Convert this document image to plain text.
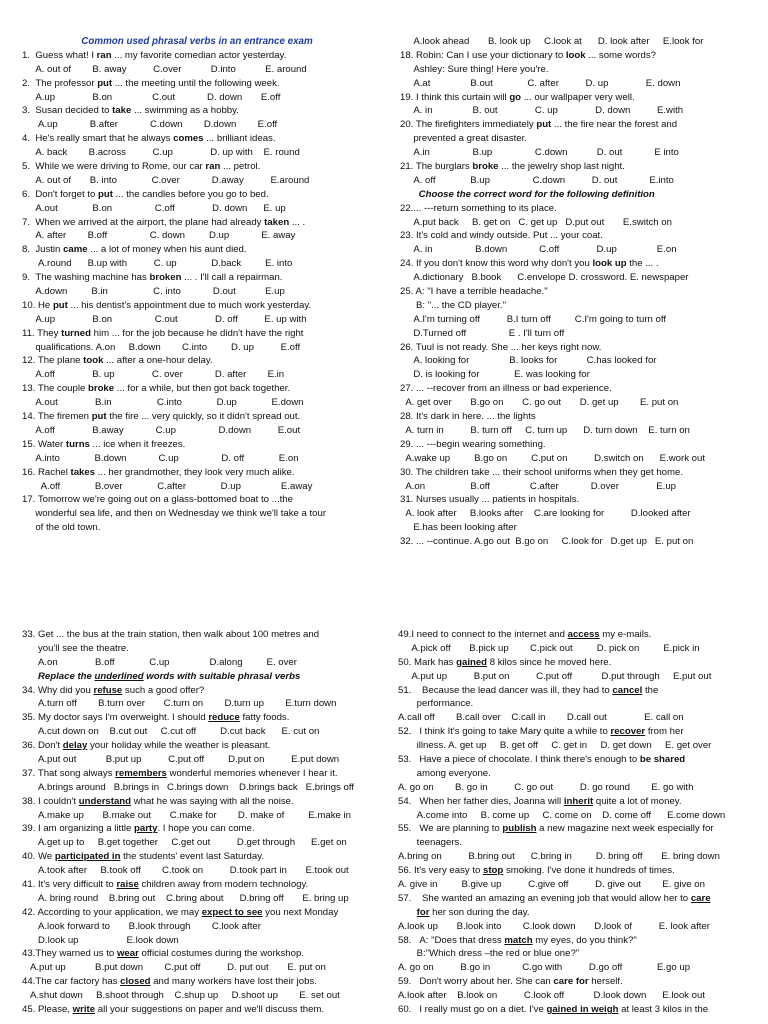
Common used phrasal verbs in an entrance exam
1.  Guess what! I ran ... my favorite comedian actor yesterday.
A. out of        B. away          C.over           D.into           E. around
2.  The professor put ... the meeting until the following week.
A.up              B.on               C.out            D. down       E.off
3.  Susan decided to take ... swimming as a hobby.
A.up            B.after            C.down        D.down        E.off
4.  He's really smart that he always comes ... brilliant ideas.
A. back        B.across          C.up              D. up with    E. round
5.  While we were driving to Rome, our car ran ... petrol.
A. out of       B. into             C.over            D.away          E.around
6.  Don't forget to put ... the candles before you go to bed.
A.out             B.on                C.off              D. down      E. up
7.  When we arrived at the airport, the plane had already taken ... .
A. after        B.off                C. down         D.up            E. away
8.  Justin came ... a lot of money when his aunt died.
A.round      B.up with          C. up             D.back         E. into
9.  The washing machine has broken ... . I'll call a repairman.
A.down         B.in                 C. into            D.out           E.up
10. He put ... his dentist's appointment due to much work yesterday.
A.up              B.on                C.out              D. off          E. up with
11. They turned him ... for the job because he didn't have the right
qualifications. A.on     B.down        C.into         D. up          E.off
12. The plane took ... after a one-hour delay.
A.off              B. up              C. over            D. after        E.in
13. The couple broke ... for a while, but then got back together.
A.out              B.in                 C.into             D.up             E.down
14. The firemen put the fire ... very quickly, so it didn't spread out.
A.off              B.away            C.up                D.down          E.out
15. Water turns ... ice when it freezes.
A.into             B.down            C.up                D. off             E.on
16. Rachel takes ... her grandmother, they look very much alike.
A.off             B.over             C.after             D.up               E.away
17. Tomorrow we're going out on a glass-bottomed boat to ...the
wonderful sea life, and then on Wednesday we think we'll take a tour
of the old town.
A.look ahead       B. look up     C.look at      D. look after     E.look for
18. Robin: Can I use your dictionary to look ... some words?
Ashley: Sure thing! Here you're.
A.at               B.out             C. after          D. up              E. down
19. I think this curtain will go ... our wallpaper very well.
A. in               B. out              C. up              D. down          E.with
20. The firefighters immediately put ... the fire near the forest and
prevented a great disaster.
A.in                B.up                C.down           D. out            E into
21. The burglars broke ... the jewelry shop last night.
A. off             B.up                C.down          D. out            E.into
Choose the correct word for the following definition
22.... ---return something to its place.
A.put back     B. get on   C. get up   D.put out       E.switch on
23. It's cold and windy outside. Put ... your coat.
A. in                B.down            C.off              D.up               E.on
24. If you don't know this word why don't you look up the ... .
A.dictionary   B.book      C.envelope D. crossword. E. newspaper
25. A: "I have a terrible headache."
B: "... the CD player."
A.I'm turning off          B.I turn off         C.I'm going to turn off
D.Turned off                E . I'll turn off
26. Tuul is not ready. She ... her keys right now.
A. looking for               B. looks for           C.has looked for
D. is looking for             E. was looking for
27. ... --recover from an illness or bad experience.
A. get over       B.go on       C. go out       D. get up        E. put on
28. It's dark in here. ... the lights
A. turn in          B. turn off     C. turn up      D. turn down    E. turn on
29. ... ---begin wearing something.
A.wake up         B.go on         C.put on          D.switch on      E.work out
30. The children take ... their school uniforms when they get home.
A.on                 B.off               C.after            D.over              E.up
31. Nurses usually ... patients in hospitals.
A. look after     B.looks after    C.are looking for          D.looked after
E.has been looking after
32. ... --continue. A.go out  B.go on     C.look for   D.get up   E. put on
33. Get ... the bus at the train station, then walk about 100 metres and
you'll see the theatre.
A.on              B.off             C.up               D.along         E. over
Replace the underlined words with suitable phrasal verbs
34. Why did you refuse such a good offer?
A.turn off        B.turn over       C.turn on        D.turn up        E.turn down
35. My doctor says I'm overweight. I should reduce fatty foods.
A.cut down on    B.cut out     C.cut off         D.cut back      E. cut on
36. Don't delay your holiday while the weather is pleasant.
A.put out           B.put up          C.put off         D.put on          E.put down
37. That song always remembers wonderful memories whenever I hear it.
A.brings around   B.brings in   C.brings down    D.brings back   E.brings off
38. I couldn't understand what he was saying with all the noise.
A.make up       B.make out       C.make for        D. make of         E.make in
39. I am organizing a little party. I hope you can come.
A.get up to     B.get together     C.get out          D.get through      E.get on
40. We participated in the students' event last Saturday.
A.took after     B.took off        C.took on          D.took part in       E.took out
41. It's very difficult to raise children away from modern technology.
A. bring round    B.bring out    C.bring about      D.bring off       E. bring up
42. According to your application, we may expect to see you next Monday
A.look forward to       B.look through        C.look after
D.look up                  E.look down
43.They warned us to wear official costumes during the workshop.
A.put up           B.put down        C.put off          D. put out       E. put on
44.The car factory has closed and many workers have lost their jobs.
A.shut down     B.shoot through    C.shup up     D.shoot up        E. set out
45. Please, write all your suggestions on paper and we'll discuss them.
49.I need to connect to the internet and access my e-mails.
A.pick off       B.pick up        C.pick out         D. pick on         E.pick in
50. Mark has gained 8 kilos since he moved here.
A.put up          B.put on          C.put off           D.put through     E.put out
51.    Because the lead dancer was ill, they had to cancel the
performance.
A.call off        B.call over    C.call in        D.call out              E. call on
52.   I think It's going to take Mary quite a while to recover from her
illness. A. get up     B. get off     C. get in     D. get down     E. get over
53.   Have a piece of chocolate. I think there's enough to be shared
among everyone.
A. go on        B. go in          C. go out          D. go round        E. go with
54.   When her father dies, Joanna will inherit quite a lot of money.
A.come into     B. come up     C. come on    D. come off      E.come down
55.   We are planning to publish a new magazine next week especially for
teenagers.
A.bring on          B.bring out      C.bring in         D. bring off       E. bring down
56. It's very easy to stop smoking. I've done it hundreds of times.
A. give in         B.give up          C.give off          D. give out        E. give on
57.    She wanted an amazing an evening job that would allow her to care
for her son during the day.
A.look up       B.look into        C.look down       D.look of          E. look after
58.   A: "Does that dress match my eyes, do you think?"
B:"Which dress –the red or blue one?"
A. go on          B.go in            C.go with          D.go off             E.go up
59.   Don't worry about her. She can care for herself.
A.look after    B.look on          C.look off           D.look down      E.look out
60.   I really must go on a diet. I've gained in weigh at least 3 kilos in the
